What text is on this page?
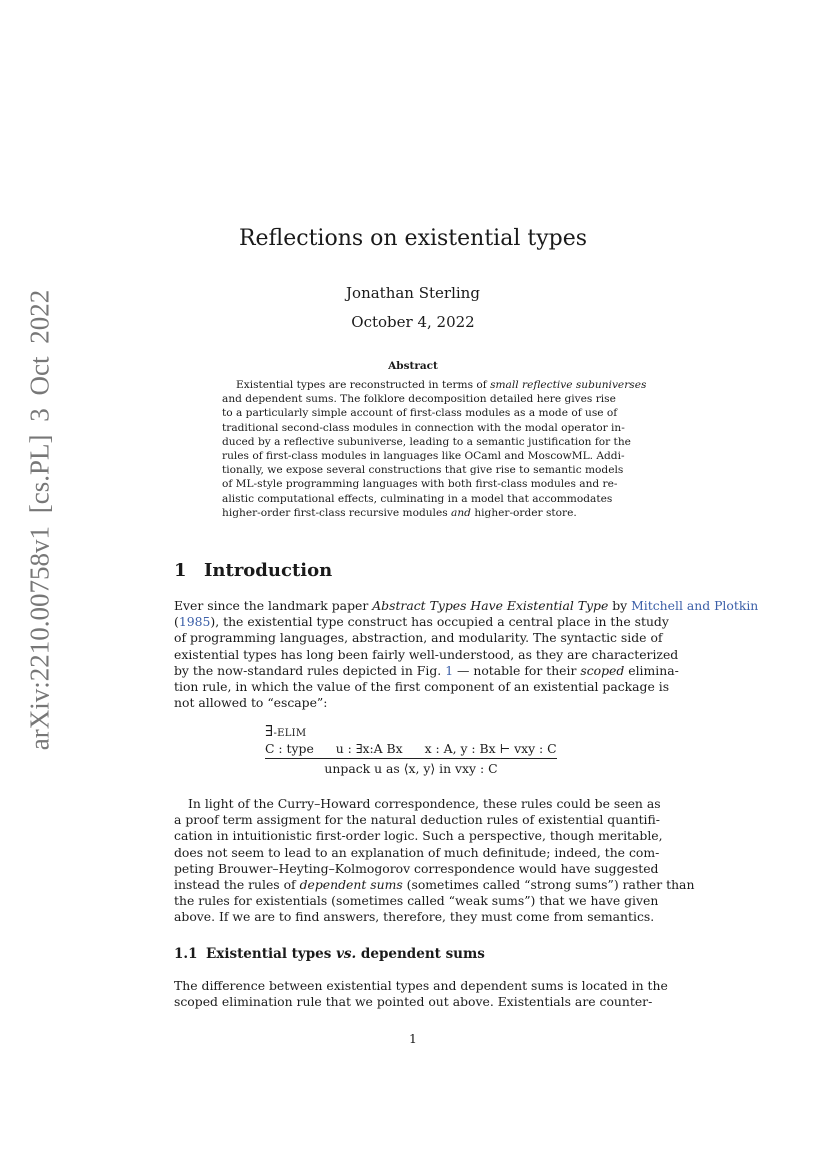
arXiv:2210.00758v1 [cs.PL] 3 Oct 2022
Reflections on existential types
Jonathan Sterling
October 4, 2022
Abstract
Existential types are reconstructed in terms of small reflective subuniverses
and dependent sums. The folklore decomposition detailed here gives rise
to a particularly simple account of first-class modules as a mode of use of
traditional second-class modules in connection with the modal operator in-
duced by a reflective subuniverse, leading to a semantic justification for the
rules of first-class modules in languages like OCaml and MoscowML. Addi-
tionally, we expose several constructions that give rise to semantic models
of ML-style programming languages with both first-class modules and re-
alistic computational effects, culminating in a model that accommodates
higher-order first-class recursive modules and higher-order store.
1 Introduction
Ever since the landmark paper Abstract Types Have Existential Type by Mitchell and Plotkin
(1985), the existential type construct has occupied a central place in the study
of programming languages, abstraction, and modularity. The syntactic side of
existential types has long been fairly well-understood, as they are characterized
by the now-standard rules depicted in Fig. 1 — notable for their scoped elimina-
tion rule, in which the value of the first component of an existential package is
not allowed to “escape”:
∃-ELIM
C : type u : ∃x:A Bx x : A, y : Bx ⊢ vxy : C
unpack u as ⟨x, y⟩ in vxy : C
In light of the Curry–Howard correspondence, these rules could be seen as
a proof term assigment for the natural deduction rules of existential quantifi-
cation in intuitionistic first-order logic. Such a perspective, though meritable,
does not seem to lead to an explanation of much definitude; indeed, the com-
peting Brouwer–Heyting–Kolmogorov correspondence would have suggested
instead the rules of dependent sums (sometimes called “strong sums”) rather than
the rules for existentials (sometimes called “weak sums”) that we have given
above. If we are to find answers, therefore, they must come from semantics.
1.1 Existential types vs. dependent sums
The difference between existential types and dependent sums is located in the
scoped elimination rule that we pointed out above. Existentials are counter-
1
